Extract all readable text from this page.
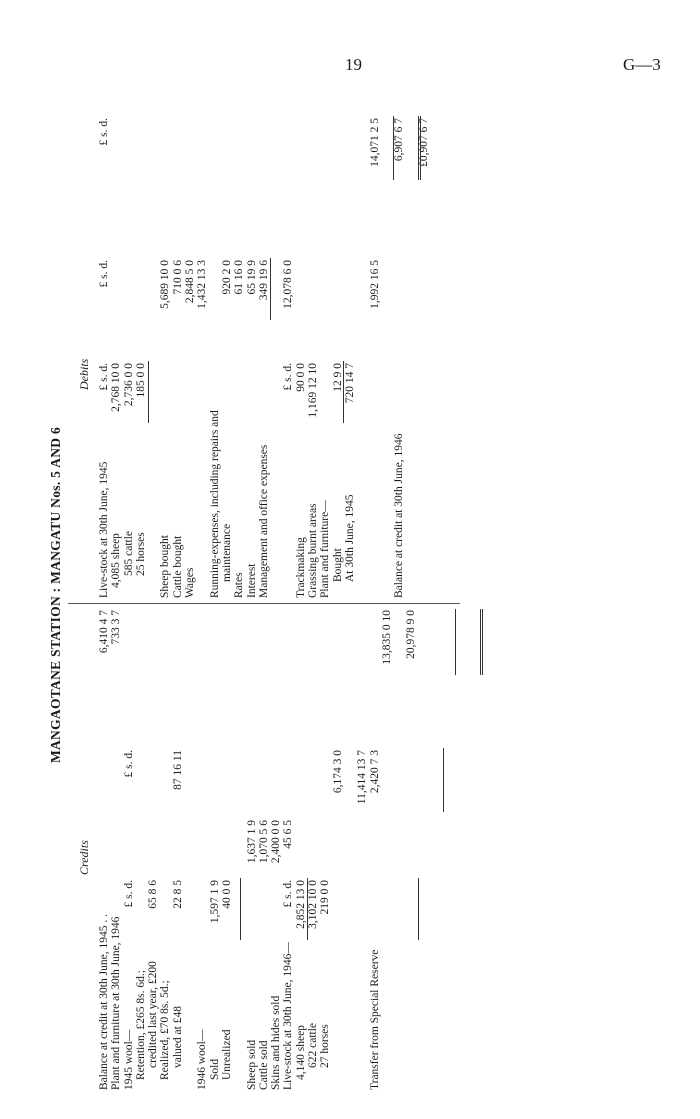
19	G—3
MANGAOTANE STATION : MANGATU Nos. 5 AND 6
Credits
Balance at credit at 30th June, 1945 . .
6,410 4 7
Plant and furniture at 30th June, 1946
733 3 7
1945 wool—
£ s. d.
£ s. d.
Retention, £265 8s. 6d.; credited last year, £200
65 8 6
Realized, £70 8s. 5d.; valued at £48
22 8 5
87 16 11
1946 wool— Sold
1,597 1 9
Unrealized
40 0 0
Sheep sold
1,637 1 9
Cattle sold
1,070 5 6
Skins and hides sold
2,400 0 0
Live-stock at 30th June, 1946—
£ s. d.
45 6 5
4,140 sheep
2,852 13 0
622 cattle
3,102 10 0
27 horses
219 0 0
6,174 3 0 11,414 13 7
Transfer from Special Reserve
2,420 7 3
13,835 0 10 20,978 9 0
Debits
Live-stock at 30th June, 1945
£ s. d.
£ s. d.
£ s. d.
4,085 sheep
2,768 10 0
585 cattle
2,736 0 0
25 horses
185 0 0
Sheep bought
5,689 10 0
Cattle bought
710 0 6
Wages
2,848 5 0 1,432 13 3
Running-expenses, including repairs and maintenance
920 2 0
Rates
61 16 0
Interest
65 19 9
Management and office expenses
349 19 6
£ s. d.
12,078 6 0
Trackmaking
90 0 0
Grassing burnt areas
1,169 12 10
Plant and furniture— Bought
12 9 0
At 30th June, 1945
720 14 7
1,992 16 5
14,071 2 5
Balance at credit at 30th June, 1946
6,907 6 7 £0,907 6 7
